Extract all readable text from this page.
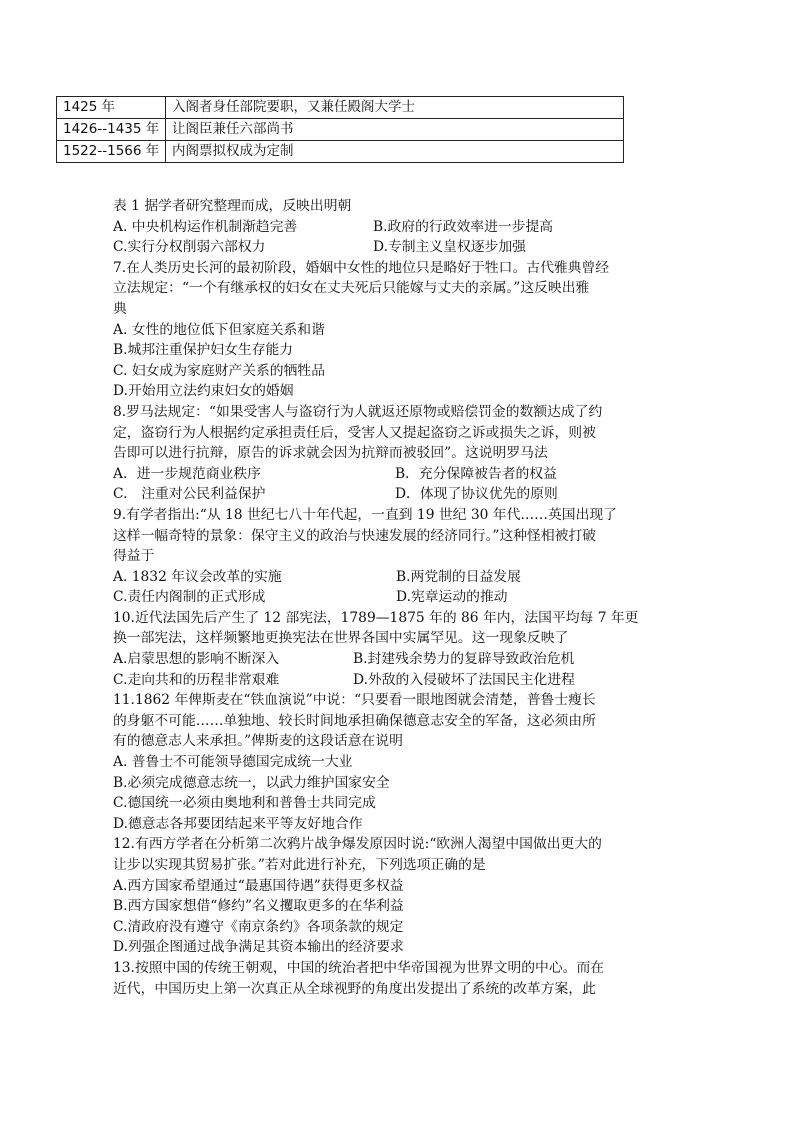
1425 年	入阁者身任部院要职，又兼任殿阁大学士
1426--1435 年	让阁臣兼任六部尚书
1522--1566 年	内阁票拟权成为定制
表 1 据学者研究整理而成，反映出明朝
A. 中央机构运作机制渐趋完善	B.政府的行政效率进一步提高
C.实行分权削弱六部权力	D.专制主义皇权逐步加强
7.在人类历史长河的最初阶段，婚姻中女性的地位只是略好于牲口。古代雅典曾经
立法规定：“一个有继承权的妇女在丈夫死后只能嫁与丈夫的亲属。”这反映出雅
典
A. 女性的地位低下但家庭关系和谐
B.城邦注重保护妇女生存能力
C. 妇女成为家庭财产关系的牺牲品
D.开始用立法约束妇女的婚姻
8.罗马法规定：“如果受害人与盗窃行为人就返还原物或赔偿罚金的数额达成了约
定，盗窃行为人根据约定承担责任后，受害人又提起盗窃之诉或损失之诉，则被
告即可以进行抗辩，原告的诉求就会因为抗辩而被驳回”。这说明罗马法
A．进一步规范商业秩序	B．充分保障被告者的权益
C.　注重对公民利益保护	D．体现了协议优先的原则
9.有学者指出:“从 18 世纪七八十年代起，一直到 19 世纪 30 年代……英国出现了
这样一幅奇特的景象：保守主义的政治与快速发展的经济同行。”这种怪相被打破
得益于
A. 1832 年议会改革的实施	B.两党制的日益发展
C.责任内阁制的正式形成	D.宪章运动的推动
10.近代法国先后产生了 12 部宪法，1789—1875 年的 86 年内，法国平均每 7 年更
换一部宪法，这样频繁地更换宪法在世界各国中实属罕见。这一现象反映了
A.启蒙思想的影响不断深入	B.封建残余势力的复辟导致政治危机
C.走向共和的历程非常艰难	D.外敌的入侵破坏了法国民主化进程
11.1862 年俾斯麦在“铁血演说”中说：“只要看一眼地图就会清楚，普鲁士瘦长
的身躯不可能……单独地、较长时间地承担确保德意志安全的军备，这必须由所
有的德意志人来承担。”俾斯麦的这段话意在说明
A. 普鲁士不可能领导德国完成统一大业
B.必须完成德意志统一，以武力维护国家安全
C.德国统一必须由奥地利和普鲁士共同完成
D.德意志各邦要团结起来平等友好地合作
12.有西方学者在分析第二次鸦片战争爆发原因时说:“欧洲人渴望中国做出更大的
让步以实现其贸易扩张。”若对此进行补充，下列选项正确的是
A.西方国家希望通过“最惠国待遇”获得更多权益
B.西方国家想借“修约”名义攫取更多的在华利益
C.清政府没有遵守《南京条约》各项条款的规定
D.列强企图通过战争满足其资本输出的经济要求
13.按照中国的传统王朝观，中国的统治者把中华帝国视为世界文明的中心。而在
近代，中国历史上第一次真正从全球视野的角度出发提出了系统的改革方案，此
